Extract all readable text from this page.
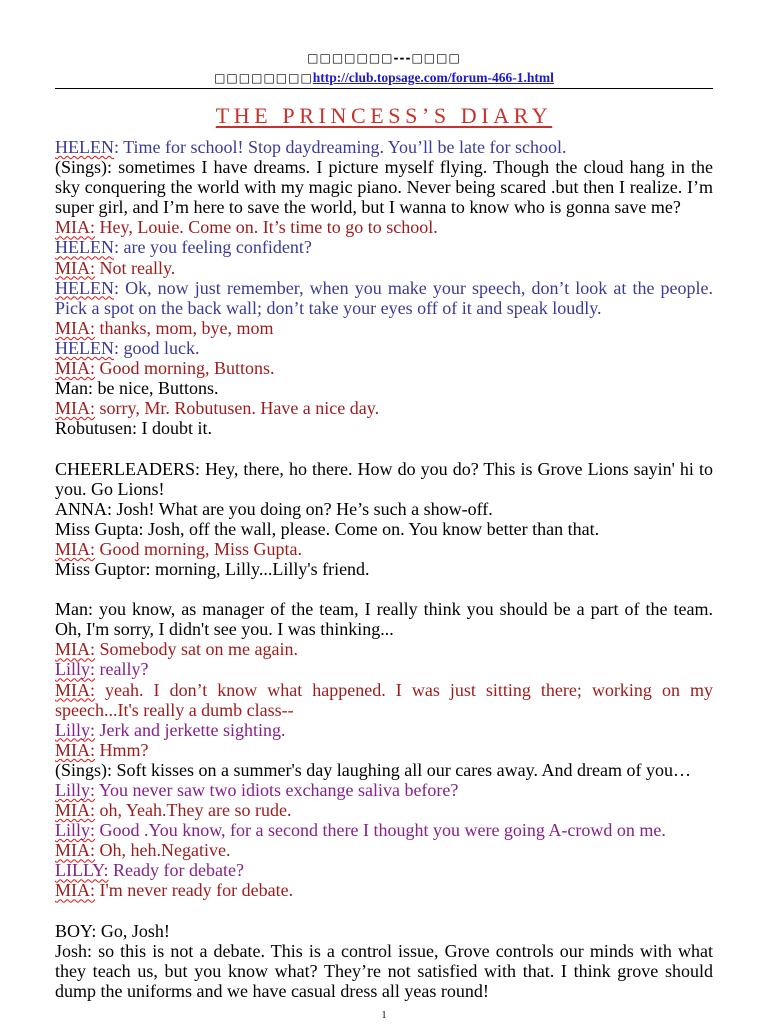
□□□□□□□---□□□□
□□□□□□□□http://club.topsage.com/forum-466-1.html
THE PRINCESS’S DIARY
HELEN: Time for school! Stop daydreaming. You’ll be late for school.
(Sings): sometimes I have dreams. I picture myself flying. Though the cloud hang in the
sky conquering the world with my magic piano. Never being scared .but then I realize. I’m
super girl, and I’m here to save the world, but I wanna to know who is gonna save me?
MIA: Hey, Louie. Come on. It’s time to go to school.
HELEN: are you feeling confident?
MIA: Not really.
HELEN: Ok, now just remember, when you make your speech, don’t look at the people.
Pick a spot on the back wall; don’t take your eyes off of it and speak loudly.
MIA: thanks, mom, bye, mom
HELEN: good luck.
MIA: Good morning, Buttons.
Man: be nice, Buttons.
MIA: sorry, Mr. Robutusen. Have a nice day.
Robutusen: I doubt it.
CHEERLEADERS: Hey, there, ho there. How do you do? This is Grove Lions sayin' hi to
you. Go Lions!
ANNA: Josh! What are you doing on? He’s such a show-off.
Miss Gupta: Josh, off the wall, please. Come on. You know better than that.
MIA: Good morning, Miss Gupta.
Miss Guptor: morning, Lilly...Lilly's friend.
Man: you know, as manager of the team, I really think you should be a part of the team.
Oh, I'm sorry, I didn't see you. I was thinking...
MIA: Somebody sat on me again.
Lilly: really?
MIA: yeah. I don’t know what happened. I was just sitting there; working on my
speech...It's really a dumb class--
Lilly: Jerk and jerkette sighting.
MIA: Hmm?
(Sings): Soft kisses on a summer's day laughing all our cares away. And dream of you…
Lilly: You never saw two idiots exchange saliva before?
MIA: oh, Yeah.They are so rude.
Lilly: Good .You know, for a second there I thought you were going A-crowd on me.
MIA: Oh, heh.Negative.
LILLY: Ready for debate?
MIA: I'm never ready for debate.
BOY: Go, Josh!
Josh: so this is not a debate. This is a control issue, Grove controls our minds with what
they teach us, but you know what? They’re not satisfied with that. I think grove should
dump the uniforms and we have casual dress all yeas round!
1
